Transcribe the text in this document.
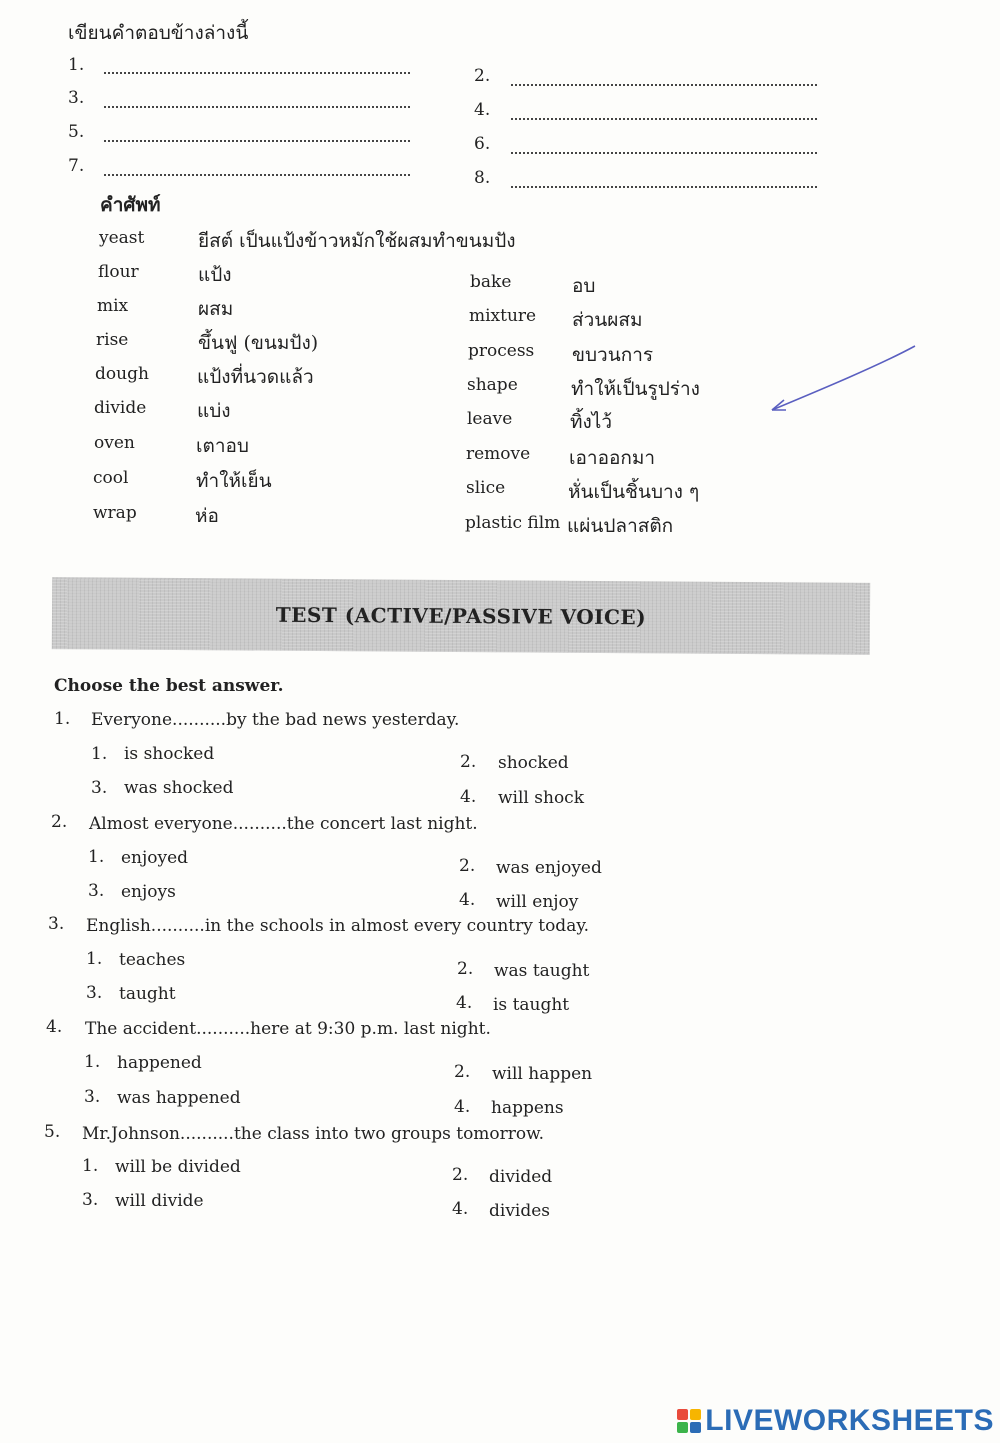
เขียนคำตอบข้างล่างนี้
1.
2.
3.
4.
5.
6.
7.
8.
คำศัพท์
yeast	ยีสต์ เป็นแป้งข้าวหมักใช้ผสมทำขนมปัง
flour	แป้ง
mix	ผสม
rise	ขึ้นฟู (ขนมปัง)
dough	แป้งที่นวดแล้ว
divide	แบ่ง
oven	เตาอบ
cool	ทำให้เย็น
wrap	ห่อ
bake	อบ
mixture ส่วนผสม
process ขบวนการ
shape	ทำให้เป็นรูปร่าง
leave	ทิ้งไว้
remove เอาออกมา
slice	หั่นเป็นชิ้นบาง ๆ
plastic film แผ่นปลาสติก
TEST (ACTIVE/PASSIVE VOICE)
Choose the best answer.
1. Everyone..........by the bad news yesterday.
1. is shocked	2. shocked
3. was shocked	4. will shock
2. Almost everyone..........the concert last night.
1. enjoyed	2. was enjoyed
3. enjoys	4. will enjoy
3. English..........in the schools in almost every country today.
1. teaches	2. was taught
3. taught	4. is taught
4. The accident..........here at 9:30 p.m. last night.
1. happened	2. will happen
3. was happened	4. happens
5. Mr.Johnson..........the class into two groups tomorrow.
1. will be divided	2. divided
3. will divide	4. divides
LIVEWORKSHEETS
